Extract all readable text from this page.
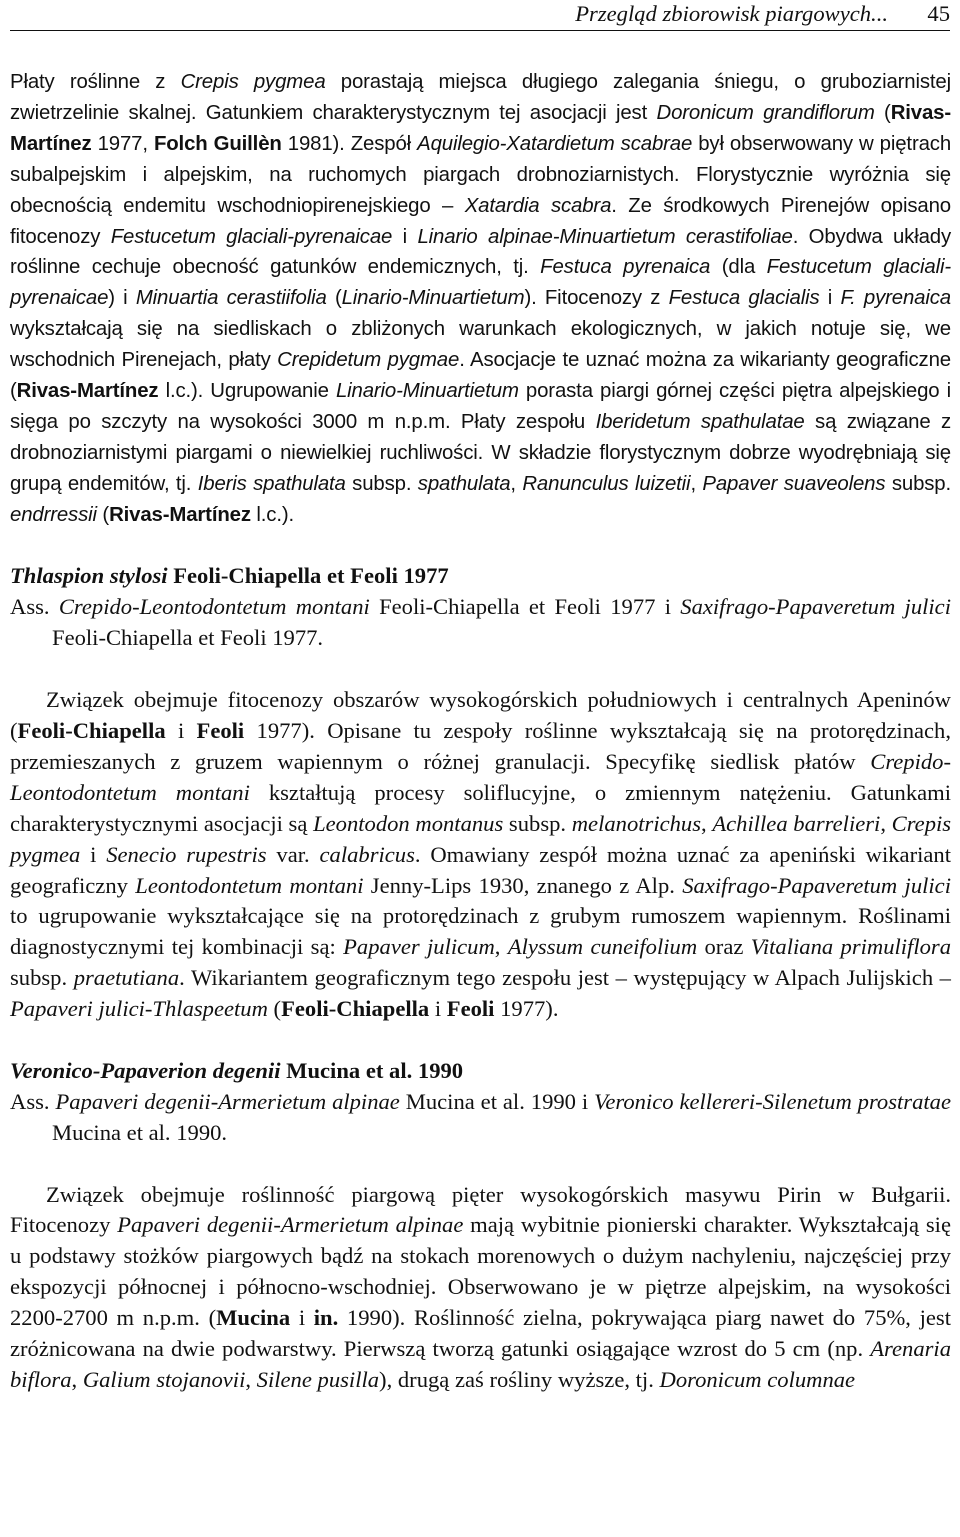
Przegląd zbiorowisk piargowych... 45

Płaty roślinne z Crepis pygmea porastają miejsca długiego zalegania śniegu, o gruboziarnistej zwietrzelinie skalnej. Gatunkiem charakterystycznym tej asocjacji jest Doronicum grandiflorum (Rivas-Martínez 1977, Folch Guillèn 1981). Zespół Aquilegio-Xatardietum scabrae był obserwowany w piętrach subalpejskim i alpejskim, na ruchomych piargach drobnoziarnistych. Florystycznie wyróżnia się obecnością endemitu wschodniopirenejskiego – Xatardia scabra. Ze środkowych Pirenejów opisano fitocenozy Festucetum glaciali-pyrenaicae i Linario alpinae-Minuartietum cerastifoliae. Obydwa układy roślinne cechuje obecność gatunków endemicznych, tj. Festuca pyrenaica (dla Festucetum glaciali-pyrenaicae) i Minuartia cerastiifolia (Linario-Minuartietum). Fitocenozy z Festuca glacialis i F. pyrenaica wykształcają się na siedliskach o zbliżonych warunkach ekologicznych, w jakich notuje się, we wschodnich Pirenejach, płaty Crepidetum pygmae. Asocjacje te uznać można za wikarianty geograficzne (Rivas-Martínez l.c.). Ugrupowanie Linario-Minuartietum porasta piargi górnej części piętra alpejskiego i sięga po szczyty na wysokości 3000 m n.p.m. Płaty zespołu Iberidetum spathulatae są związane z drobnoziarnistymi piargami o niewielkiej ruchliwości. W składzie florystycznym dobrze wyodrębniają się grupą endemitów, tj. Iberis spathulata subsp. spathulata, Ranunculus luizetii, Papaver suaveolens subsp. endrressii (Rivas-Martínez l.c.).

Thlaspion stylosi Feoli-Chiapella et Feoli 1977

Ass. Crepido-Leontodontetum montani Feoli-Chiapella et Feoli 1977 i Saxifrago-Papaveretum julici Feoli-Chiapella et Feoli 1977.

Związek obejmuje fitocenozy obszarów wysokogórskich południowych i centralnych Apeninów (Feoli-Chiapella i Feoli 1977). Opisane tu zespoły roślinne wykształcają się na protorędzinach, przemieszanych z gruzem wapiennym o różnej granulacji. Specyfikę siedlisk płatów Crepido-Leontodontetum montani kształtują procesy soliflucyjne, o zmiennym natężeniu. Gatunkami charakterystycznymi asocjacji są Leontodon montanus subsp. melanotrichus, Achillea barrelieri, Crepis pygmea i Senecio rupestris var. calabricus. Omawiany zespół można uznać za apeniński wikariant geograficzny Leontodontetum montani Jenny-Lips 1930, znanego z Alp. Saxifrago-Papaveretum julici to ugrupowanie wykształcające się na protorędzinach z grubym rumoszem wapiennym. Roślinami diagnostycznymi tej kombinacji są: Papaver julicum, Alyssum cuneifolium oraz Vitaliana primuliflora subsp. praetutiana. Wikariantem geograficznym tego zespołu jest – występujący w Alpach Julijskich – Papaveri julici-Thlaspeetum (Feoli-Chiapella i Feoli 1977).

Veronico-Papaverion degenii Mucina et al. 1990

Ass. Papaveri degenii-Armerietum alpinae Mucina et al. 1990 i Veronico kellereri-Silenetum prostratae Mucina et al. 1990.

Związek obejmuje roślinność piargową pięter wysokogórskich masywu Pirin w Bułgarii. Fitocenozy Papaveri degenii-Armerietum alpinae mają wybitnie pionierski charakter. Wykształcają się u podstawy stożków piargowych bądź na stokach morenowych o dużym nachyleniu, najczęściej przy ekspozycji północnej i północno-wschodniej. Obserwowano je w piętrze alpejskim, na wysokości 2200-2700 m n.p.m. (Mucina i in. 1990). Roślinność zielna, pokrywająca piarg nawet do 75%, jest zróżnicowana na dwie podwarstwy. Pierwszą tworzą gatunki osiągające wzrost do 5 cm (np. Arenaria biflora, Galium stojanovii, Silene pusilla), drugą zaś rośliny wyższe, tj. Doronicum columnae
